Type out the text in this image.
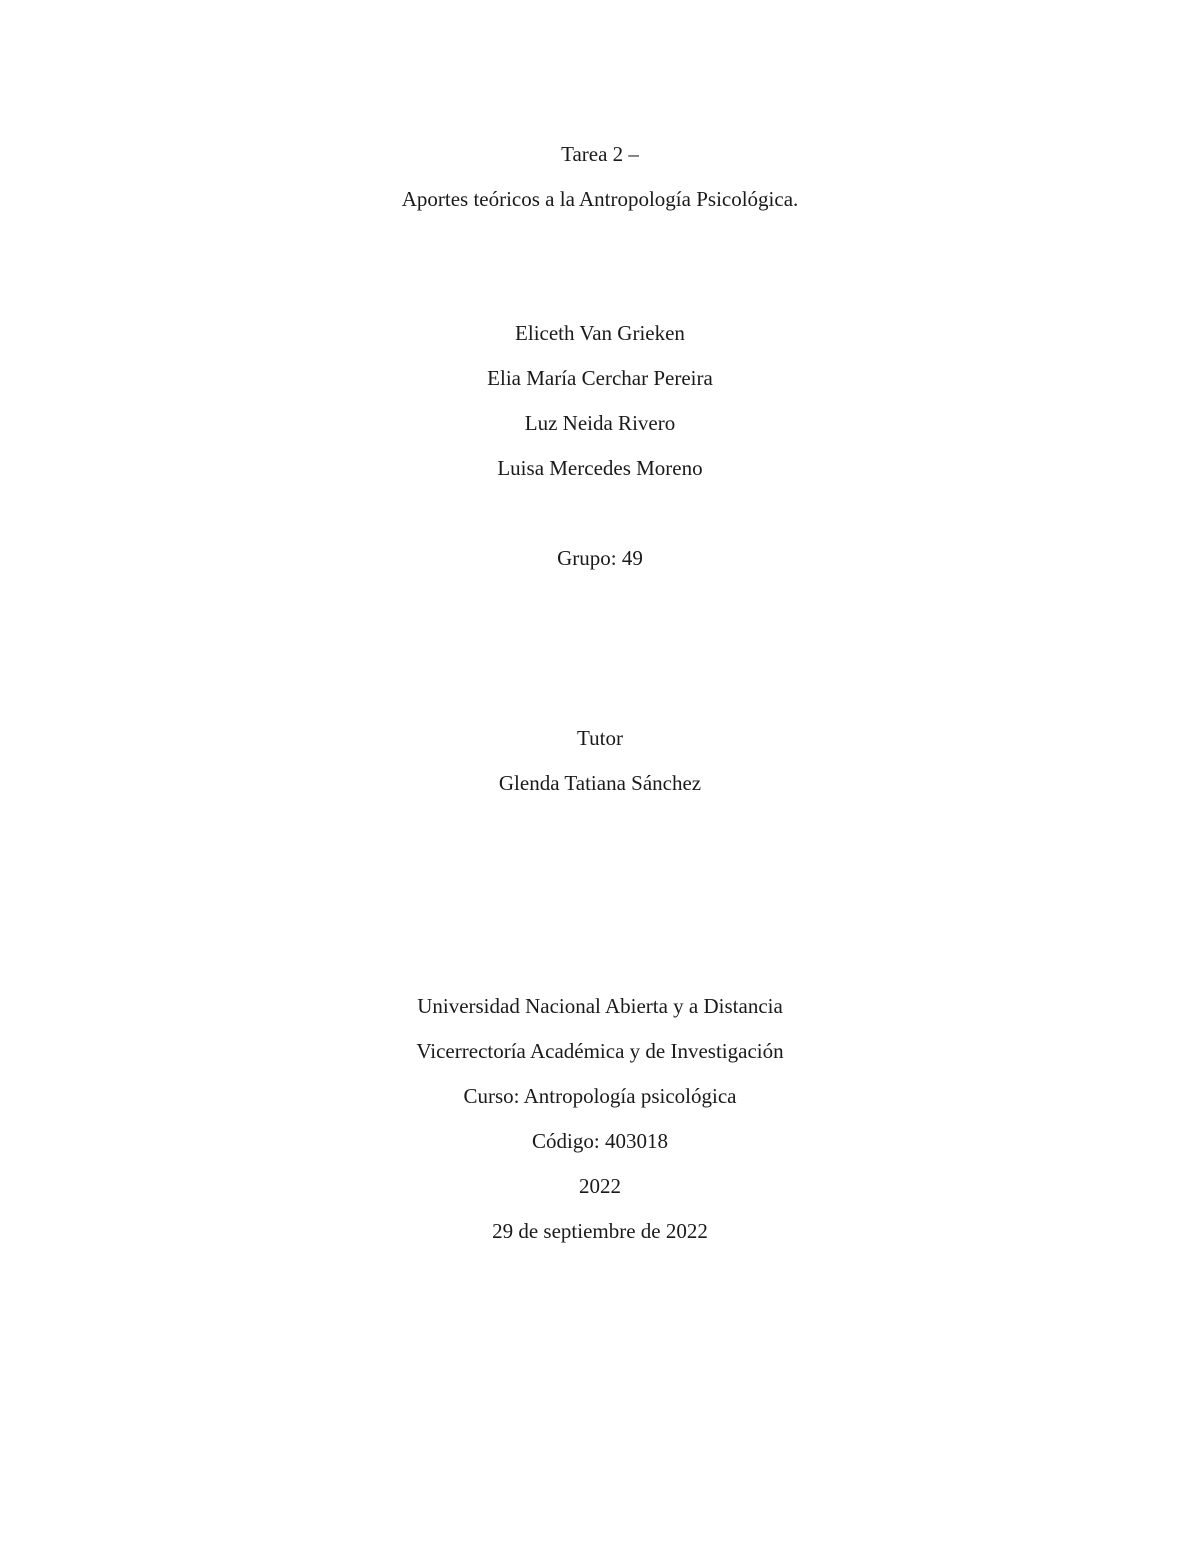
Tarea 2 –
Aportes teóricos a la Antropología Psicológica.
Eliceth Van Grieken
Elia María Cerchar Pereira
Luz Neida Rivero
Luisa Mercedes Moreno
Grupo: 49
Tutor
Glenda Tatiana Sánchez
Universidad Nacional Abierta y a Distancia
Vicerrectoría Académica y de Investigación
Curso: Antropología psicológica
Código: 403018
2022
29 de septiembre de 2022
